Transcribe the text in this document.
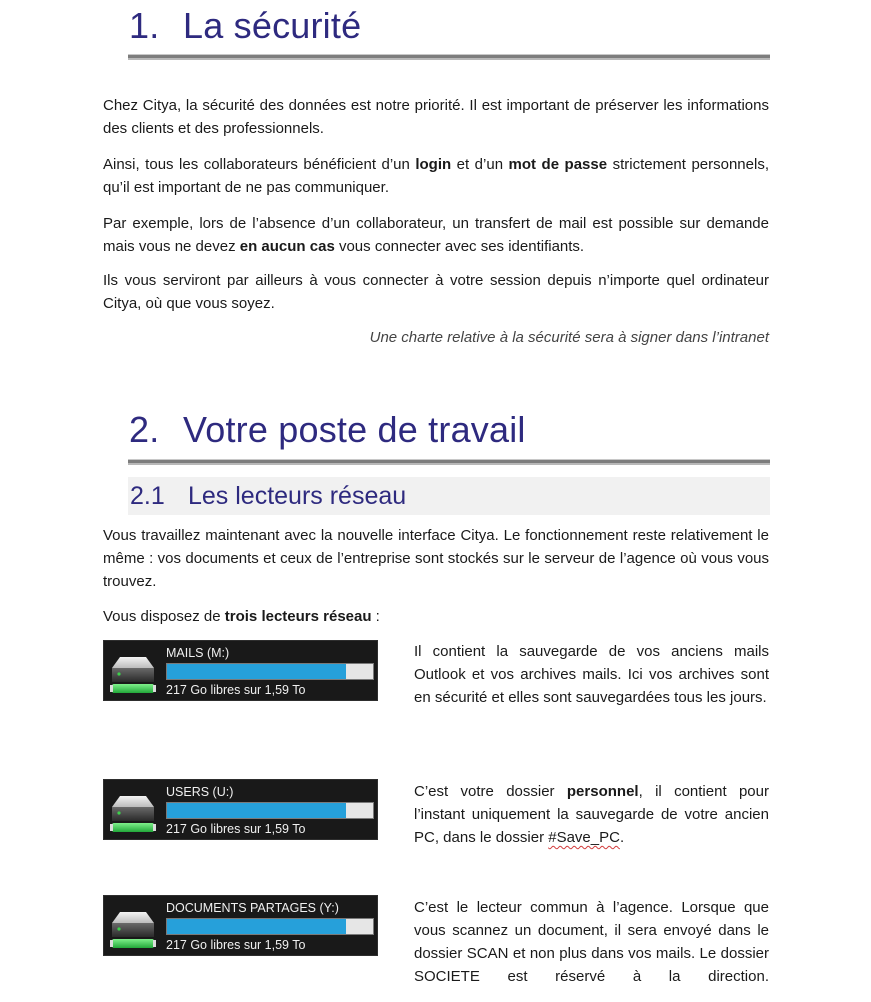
1. La sécurité
Chez Citya, la sécurité des données est notre priorité. Il est important de préserver les informations des clients et des professionnels.
Ainsi, tous les collaborateurs bénéficient d’un login et d’un mot de passe strictement personnels, qu’il est important de ne pas communiquer.
Par exemple, lors de l’absence d’un collaborateur, un transfert de mail est possible sur demande mais vous ne devez en aucun cas vous connecter avec ses identifiants.
Ils vous serviront par ailleurs à vous connecter à votre session depuis n’importe quel ordinateur Citya, où que vous soyez.
Une charte relative à la sécurité sera à signer dans l’intranet
2. Votre poste de travail
2.1 Les lecteurs réseau
Vous travaillez maintenant avec la nouvelle interface Citya. Le fonctionnement reste relativement le même : vos documents et ceux de l’entreprise sont stockés sur le serveur de l’agence où vous vous trouvez.
Vous disposez de trois lecteurs réseau :
MAILS (M:)
217 Go libres sur 1,59 To
Il contient la sauvegarde de vos anciens mails Outlook et vos archives mails. Ici vos archives sont en sécurité et elles sont sauvegardées tous les jours.
USERS (U:)
217 Go libres sur 1,59 To
C’est votre dossier personnel, il contient pour l’instant uniquement la sauvegarde de votre ancien PC, dans le dossier #Save_PC.
DOCUMENTS PARTAGES (Y:)
217 Go libres sur 1,59 To
C’est le lecteur commun à l’agence. Lorsque que vous scannez un document, il sera envoyé dans le dossier SCAN et non plus dans vos mails. Le dossier SOCIETE est réservé à la direction.
